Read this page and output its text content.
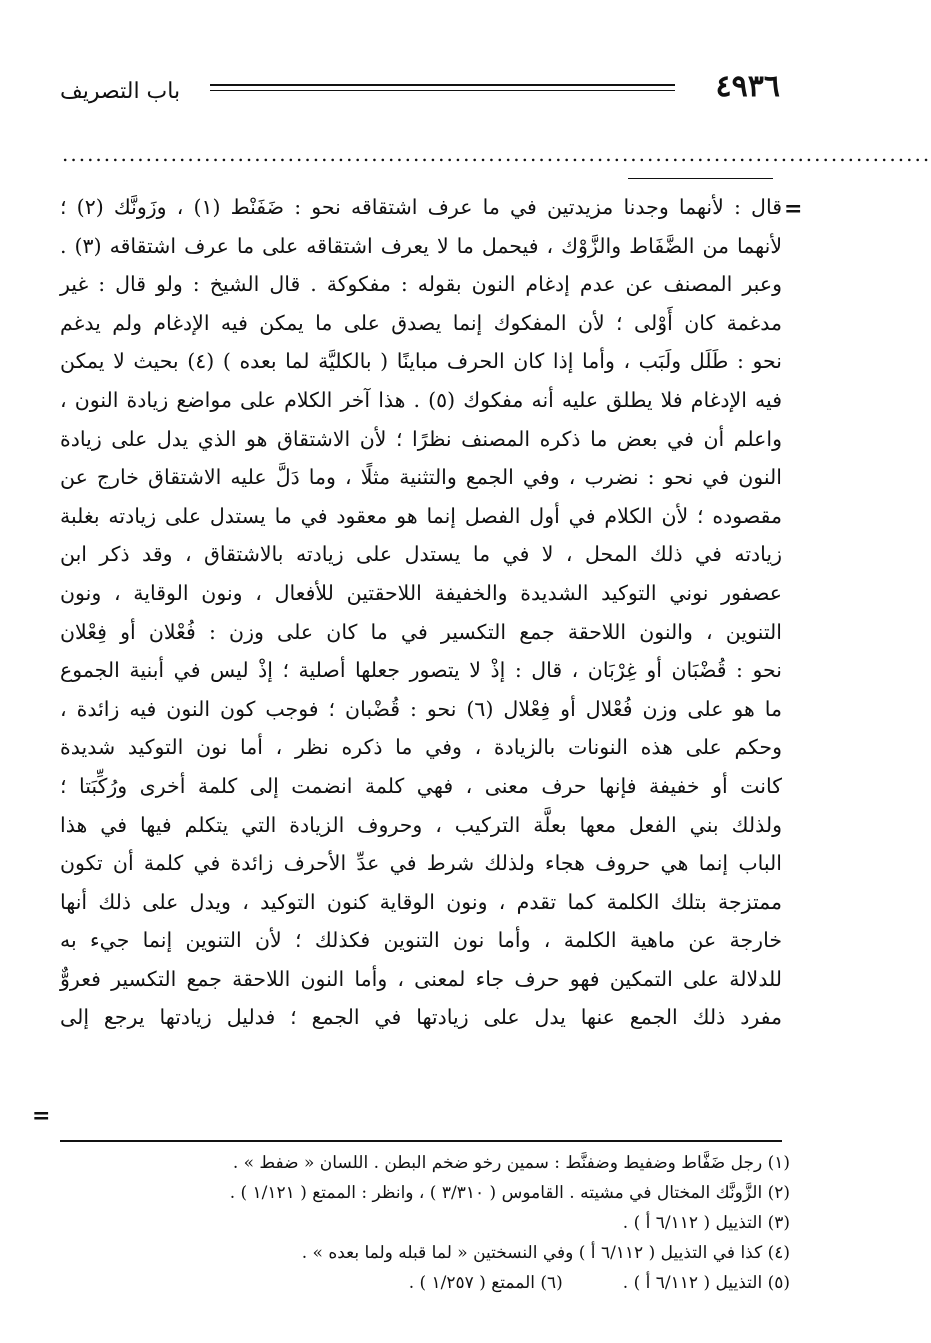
٤٩٣٦
باب التصريف
........................................................................................................
=
قال : لأنهما وجدنا مزيدتين في ما عرف اشتقاقه نحو : ضَفَنْط (١) ، وزَونَّك (٢) ؛
لأنهما من الضَّفَاط والزَّوْك ، فيحمل ما لا يعرف اشتقاقه على ما عرف اشتقاقه (٣) .
وعبر المصنف عن عدم إدغام النون بقوله : مفكوكة . قال الشيخ : ولو قال : غير
مدغمة كان أَوْلى ؛ لأن المفكوك إنما يصدق على ما يمكن فيه الإدغام ولم يدغم
نحو : طَلَل ولَبَب ، وأما إذا كان الحرف مباينًا ( بالكليَّة لما بعده ) (٤) بحيث لا يمكن
فيه الإدغام فلا يطلق عليه أنه مفكوك (٥) . هذا آخر الكلام على مواضع زيادة النون ،
واعلم أن في بعض ما ذكره المصنف نظرًا ؛ لأن الاشتقاق هو الذي يدل على زيادة
النون في نحو : نضرب ، وفي الجمع والتثنية مثلًا ، وما دَلَّ عليه الاشتقاق خارج عن
مقصوده ؛ لأن الكلام في أول الفصل إنما هو معقود في ما يستدل على زيادته بغلبة
زيادته في ذلك المحل ، لا في ما يستدل على زيادته بالاشتقاق ، وقد ذكر ابن
عصفور نوني التوكيد الشديدة والخفيفة اللاحقتين للأفعال ، ونون الوقاية ، ونون
التنوين ، والنون اللاحقة جمع التكسير في ما كان على وزن : فُعْلان أو فِعْلان
نحو : قُضْبَان أو غِرْبَان ، قال : إذْ لا يتصور جعلها أصلية ؛ إذْ ليس في أبنية الجموع
ما هو على وزن فُعْلال أو فِعْلال (٦) نحو : قُضْبان ؛ فوجب كون النون فيه زائدة ،
وحكم على هذه النونات بالزيادة ، وفي ما ذكره نظر ، أما نون التوكيد شديدة
كانت أو خفيفة فإنها حرف معنى ، فهي كلمة انضمت إلى كلمة أخرى ورُكِّبَتا ؛
ولذلك بني الفعل معها بعلَّة التركيب ، وحروف الزيادة التي يتكلم فيها في هذا
الباب إنما هي حروف هجاء ولذلك شرط في عدِّ الأحرف زائدة في كلمة أن تكون
ممتزجة بتلك الكلمة كما تقدم ، ونون الوقاية كنون التوكيد ، ويدل على ذلك أنها
خارجة عن ماهية الكلمة ، وأما نون التنوين فكذلك ؛ لأن التنوين إنما جيء به
للدلالة على التمكين فهو حرف جاء لمعنى ، وأما النون اللاحقة جمع التكسير فعروٌّ
مفرد ذلك الجمع عنها يدل على زيادتها في الجمع ؛ فدليل زيادتها يرجع إلى
=
(١) رجل ضَفَّاط وضفيط وضفنَّط : سمين رخو ضخم البطن . اللسان « ضفط » .
(٢) الزَّونَّك المختال في مشيته . القاموس ( ٣/٣١٠ ) ، وانظر : الممتع ( ١/١٢١ ) .
(٣) التذييل ( ٦/١١٢ أ ) .
(٤) كذا في التذييل ( ٦/١١٢ أ ) وفي النسختين « لما قبله ولما بعده » .
(٥) التذييل ( ٦/١١٢ أ ) .
(٦) الممتع ( ١/٢٥٧ ) .
